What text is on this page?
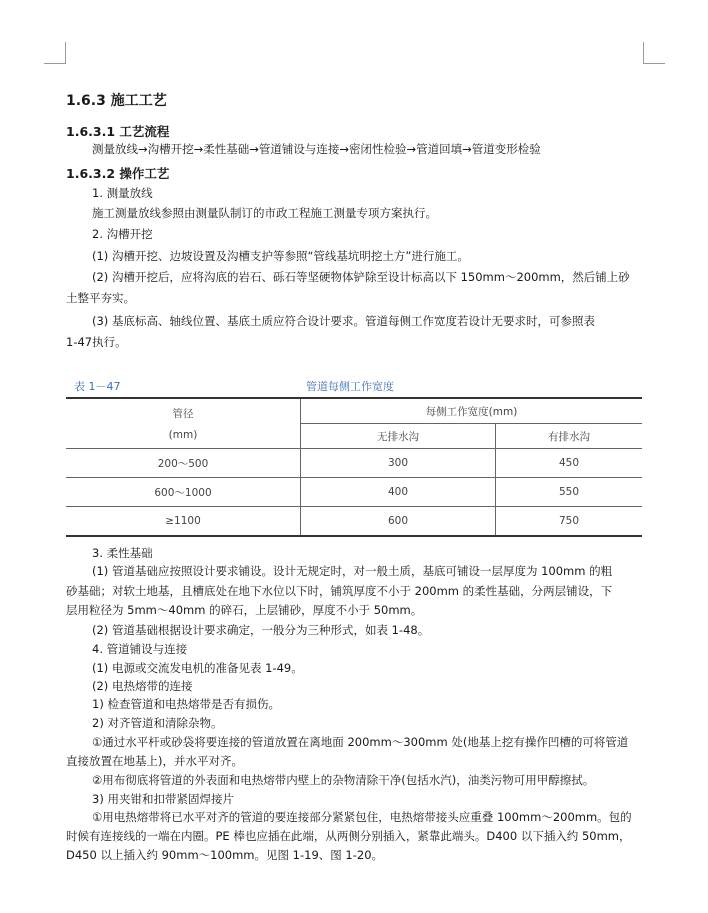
1.6.3 施工工艺
1.6.3.1 工艺流程
测量放线→沟槽开挖→柔性基础→管道铺设与连接→密闭性检验→管道回填→管道变形检验
1.6.3.2 操作工艺
1. 测量放线
施工测量放线参照由测量队制订的市政工程施工测量专项方案执行。
2. 沟槽开挖
(1) 沟槽开挖、边坡设置及沟槽支护等参照“管线基坑明挖土方”进行施工。
(2) 沟槽开挖后，应将沟底的岩石、砾石等坚硬物体铲除至设计标高以下 150mm～200mm，然后铺上砂
土整平夯实。
(3) 基底标高、轴线位置、基底土质应符合设计要求。管道每侧工作宽度若设计无要求时，可参照表
1-47执行。
表 1－47	管道每侧工作宽度
管径
(mm)	每侧工作宽度(mm)	
	无排水沟	有排水沟
200～500	300	450
600～1000	400	550
≥1100	600	750
3. 柔性基础
(1) 管道基础应按照设计要求铺设。设计无规定时，对一般土质，基底可铺设一层厚度为 100mm 的粗
砂基础；对软土地基，且槽底处在地下水位以下时，铺筑厚度不小于 200mm 的柔性基础，分两层铺设，下
层用粒径为 5mm～40mm 的碎石，上层铺砂，厚度不小于 50mm。
(2) 管道基础根据设计要求确定，一般分为三种形式，如表 1-48。
4. 管道铺设与连接
(1) 电源或交流发电机的准备见表 1-49。
(2) 电热熔带的连接
1) 检查管道和电热熔带是否有损伤。
2) 对齐管道和清除杂物。
①通过水平杆或砂袋将要连接的管道放置在离地面 200mm～300mm 处(地基上挖有操作凹槽的可将管道
直接放置在地基上)，并水平对齐。
②用布彻底将管道的外表面和电热熔带内壁上的杂物清除干净(包括水汽)，油类污物可用甲醇擦拭。
3) 用夹钳和扣带紧固焊接片
①用电热熔带将已水平对齐的管道的要连接部分紧紧包住，电热熔带接头应重叠 100mm～200mm。包的
时候有连接线的一端在内圈。PE 棒也应插在此端，从两侧分别插入，紧靠此端头。D400 以下插入约 50mm，
D450 以上插入约 90mm～100mm。见图 1-19、图 1-20。
